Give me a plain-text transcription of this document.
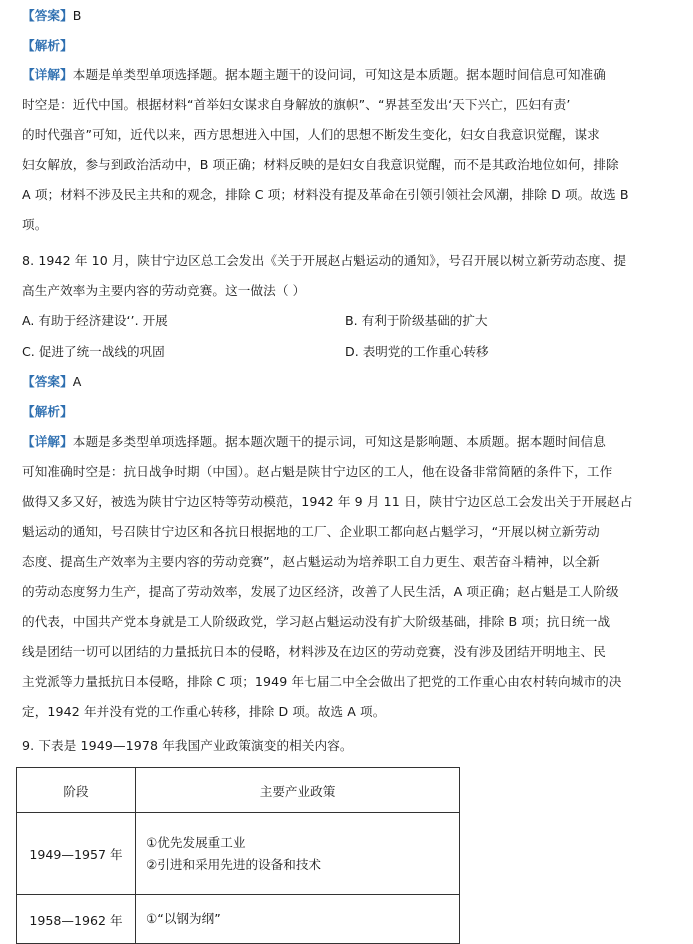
【答案】B
【解析】
【详解】本题是单类型单项选择题。据本题主题干的设问词，可知这是本质题。据本题时间信息可知准确
时空是：近代中国。根据材料“首举妇女谋求自身解放的旗帜”、“界甚至发出‘天下兴亡，匹妇有责’
的时代强音”可知，近代以来，西方思想进入中国，人们的思想不断发生变化，妇女自我意识觉醒，谋求
妇女解放，参与到政治活动中，B 项正确；材料反映的是妇女自我意识觉醒，而不是其政治地位如何，排除
A 项；材料不涉及民主共和的观念，排除 C 项；材料没有提及革命在引领引领社会风潮，排除 D 项。故选 B
项。
8. 1942 年 10 月，陕甘宁边区总工会发出《关于开展赵占魁运动的通知》，号召开展以树立新劳动态度、提
高生产效率为主要内容的劳动竞赛。这一做法（ ）
A. 有助于经济建设‘’. 开展	B. 有利于阶级基础的扩大
C. 促进了统一战线的巩固	D. 表明党的工作重心转移
【答案】A
【解析】
【详解】本题是多类型单项选择题。据本题次题干的提示词，可知这是影响题、本质题。据本题时间信息
可知准确时空是：抗日战争时期（中国）。赵占魁是陕甘宁边区的工人，他在设备非常简陋的条件下，工作
做得又多又好，被选为陕甘宁边区特等劳动模范，1942 年 9 月 11 日，陕甘宁边区总工会发出关于开展赵占
魁运动的通知，号召陕甘宁边区和各抗日根据地的工厂、企业职工都向赵占魁学习，“开展以树立新劳动
态度、提高生产效率为主要内容的劳动竞赛”，赵占魁运动为培养职工自力更生、艰苦奋斗精神，以全新
的劳动态度努力生产，提高了劳动效率，发展了边区经济，改善了人民生活，A 项正确；赵占魁是工人阶级
的代表，中国共产党本身就是工人阶级政党，学习赵占魁运动没有扩大阶级基础，排除 B 项；抗日统一战
线是团结一切可以团结的力量抵抗日本的侵略，材料涉及在边区的劳动竞赛，没有涉及团结开明地主、民
主党派等力量抵抗日本侵略，排除 C 项；1949 年七届二中全会做出了把党的工作重心由农村转向城市的决
定，1942 年并没有党的工作重心转移，排除 D 项。故选 A 项。
9. 下表是 1949—1978 年我国产业政策演变的相关内容。
阶段	主要产业政策
1949—1957 年	①优先发展重工业
②引进和采用先进的设备和技术

1958—1962 年	①“以钢为纲”
